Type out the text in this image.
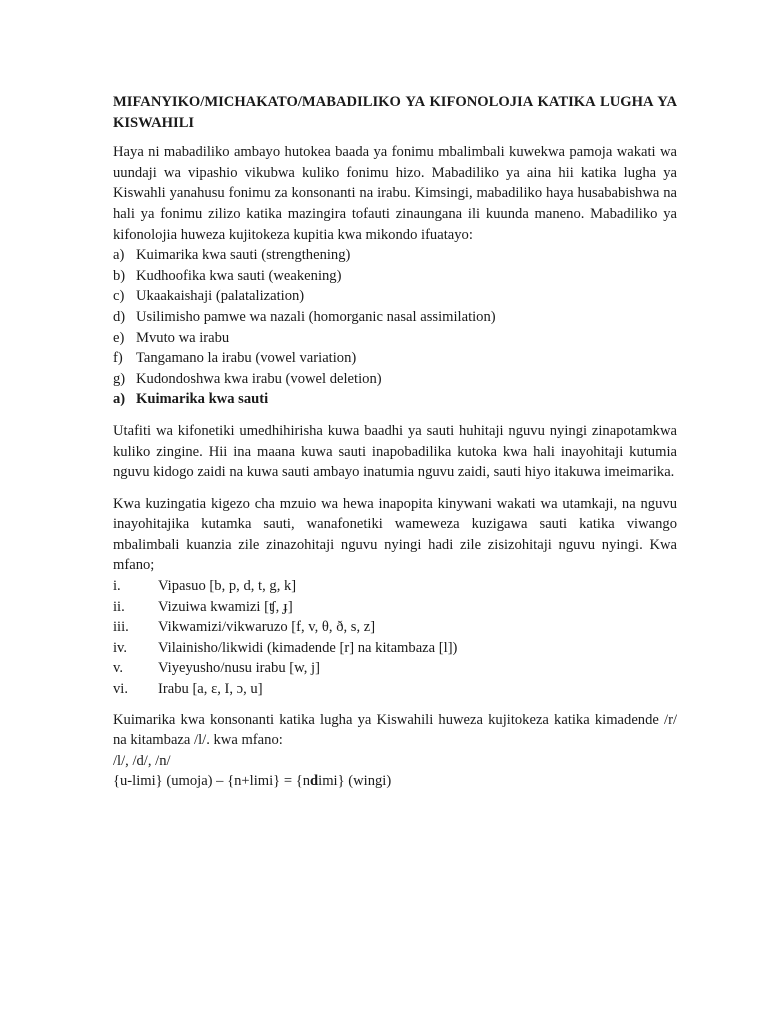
MIFANYIKO/MICHAKATO/MABADILIKO YA KIFONOLOJIA KATIKA LUGHA YA KISWAHILI

Haya ni mabadiliko ambayo hutokea baada ya fonimu mbalimbali kuwekwa pamoja wakati wa uundaji wa vipashio vikubwa kuliko fonimu hizo. Mabadiliko ya aina hii katika lugha ya Kiswahli yanahusu fonimu za konsonanti na irabu. Kimsingi, mabadiliko haya husababishwa na hali ya fonimu zilizo katika mazingira tofauti zinaungana ili kuunda maneno. Mabadiliko ya kifonolojia huweza kujitokeza kupitia kwa mikondo ifuatayo:

a) Kuimarika kwa sauti (strengthening)
b) Kudhoofika kwa sauti (weakening)
c) Ukaakaishaji (palatalization)
d) Usilimisho pamwe wa nazali (homorganic nasal assimilation)
e) Mvuto wa irabu
f) Tangamano la irabu (vowel variation)
g) Kudondoshwa kwa irabu (vowel deletion)
a) Kuimarika kwa sauti

Utafiti wa kifonetiki umedhihirisha kuwa baadhi ya sauti huhitaji nguvu nyingi zinapotamkwa kuliko zingine. Hii ina maana kuwa sauti inapobadilika kutoka kwa hali inayohitaji kutumia nguvu kidogo zaidi na kuwa sauti ambayo inatumia nguvu zaidi, sauti hiyo itakuwa imeimarika.

Kwa kuzingatia kigezo cha mzuio wa hewa inapopita kinywani wakati wa utamkaji, na nguvu inayohitajika kutamka sauti, wanafonetiki wameweza kuzigawa sauti katika viwango mbalimbali kuanzia zile zinazohitaji nguvu nyingi hadi zile zisizohitaji nguvu nyingi. Kwa mfano;

i.	Vipasuo [b, p, d, t, g, k]
ii.	Vizuiwa kwamizi [ʧ, ɟ]
iii.	Vikwamizi/vikwaruzo [f, v, θ, ð, s, z]
iv.	Vilainisho/likwidi (kimadende [r] na kitambaza [l])
v.	Viyeyusho/nusu irabu [w, j]
vi.	Irabu [a, ɛ, I, ɔ, u]

Kuimarika kwa konsonanti katika lugha ya Kiswahili huweza kujitokeza katika kimadende /r/ na kitambaza /l/. kwa mfano:

/l/, /d/, /n/

{u-limi} (umoja) – {n+limi} = {ndimi} (wingi)
